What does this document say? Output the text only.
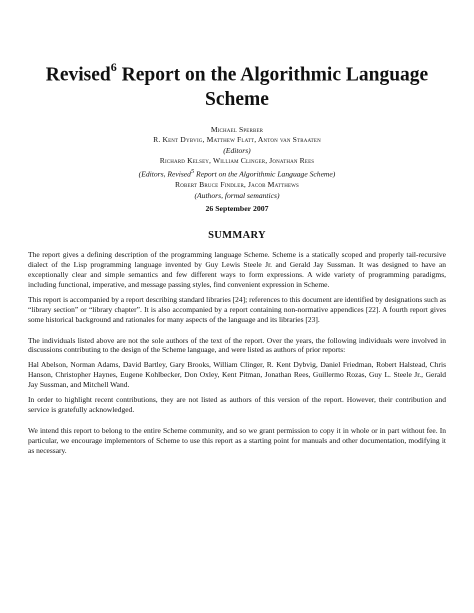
Revised$^6$ Report on the Algorithmic Language
Scheme
Michael Sperber
R. Kent Dybvig, Matthew Flatt, Anton van Straaten
(Editors)
Richard Kelsey, William Clinger, Jonathan Rees
(Editors, Revised$^5$ Report on the Algorithmic Language Scheme)
Robert Bruce Findler, Jacob Matthews
(Authors, formal semantics)
26 September 2007
SUMMARY

The report gives a defining description of the programming language Scheme. Scheme is a statically scoped and properly tail-recursive dialect of the Lisp programming language invented by Guy Lewis Steele Jr. and Gerald Jay Sussman. It was designed to have an exceptionally clear and simple semantics and few different ways to form expressions. A wide variety of programming paradigms, including functional, imperative, and message passing styles, find convenient expression in Scheme.

This report is accompanied by a report describing standard libraries [24]; references to this document are identified by designations such as “library section” or “library chapter”. It is also accompanied by a report containing non-normative appendices [22]. A fourth report gives some historical background and rationales for many aspects of the language and its libraries [23].

The individuals listed above are not the sole authors of the text of the report. Over the years, the following individuals were involved in discussions contributing to the design of the Scheme language, and were listed as authors of prior reports:

Hal Abelson, Norman Adams, David Bartley, Gary Brooks, William Clinger, R. Kent Dybvig, Daniel Friedman, Robert Halstead, Chris Hanson, Christopher Haynes, Eugene Kohlbecker, Don Oxley, Kent Pitman, Jonathan Rees, Guillermo Rozas, Guy L. Steele Jr., Gerald Jay Sussman, and Mitchell Wand.

In order to highlight recent contributions, they are not listed as authors of this version of the report. However, their contribution and service is gratefully acknowledged.

We intend this report to belong to the entire Scheme community, and so we grant permission to copy it in whole or in part without fee. In particular, we encourage implementors of Scheme to use this report as a starting point for manuals and other documentation, modifying it as necessary.
